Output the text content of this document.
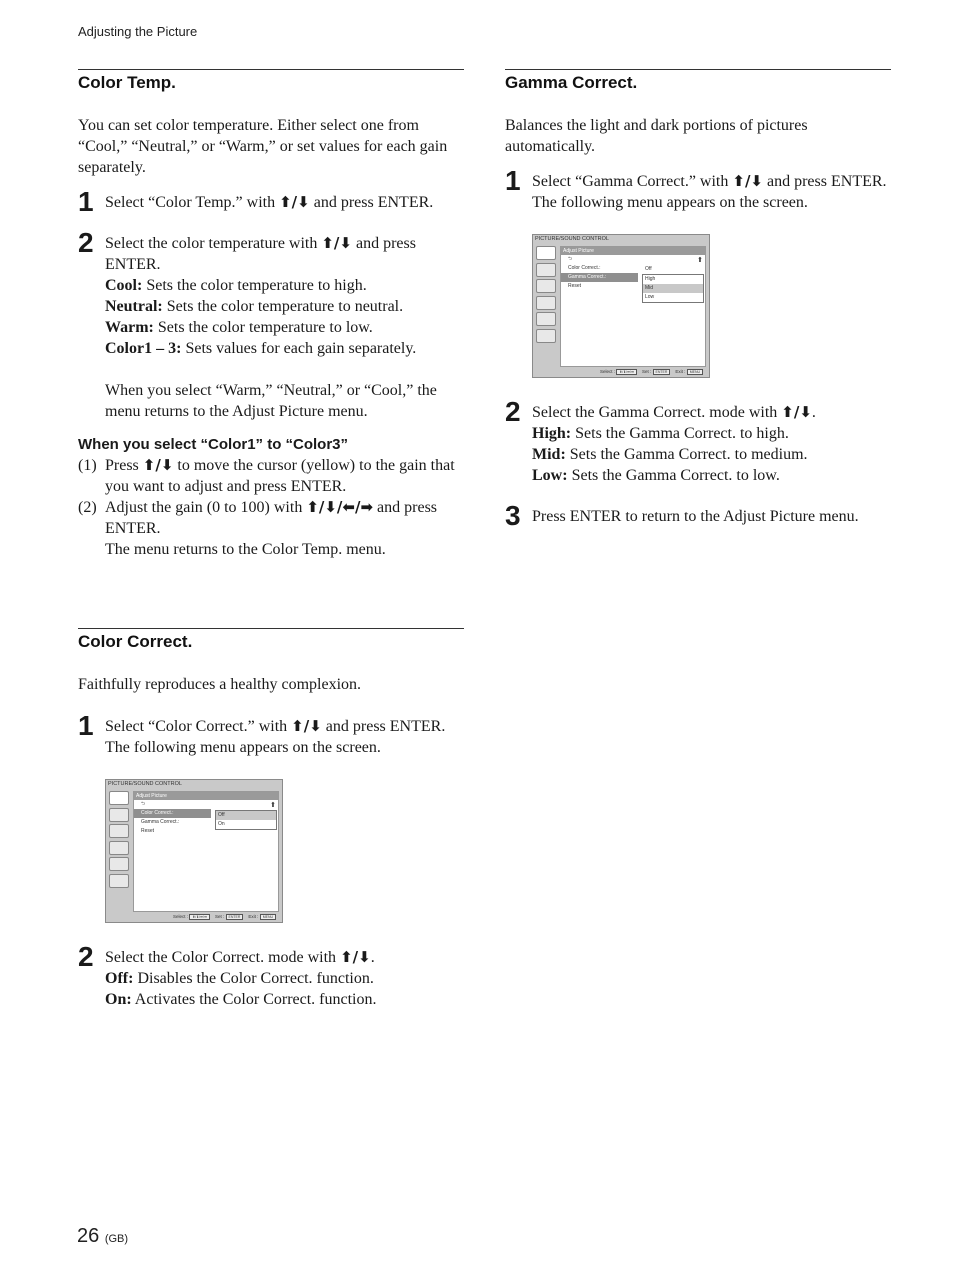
Adjusting the Picture
Color Temp.

You can set color temperature. Either select one from “Cool,” “Neutral,” or “Warm,” or set values for each gain separately.

1 Select “Color Temp.” with ⬆/⬇ and press ENTER.
2 Select the color temperature with ⬆/⬇ and press ENTER.
Cool: Sets the color temperature to high.
Neutral: Sets the color temperature to neutral.
Warm: Sets the color temperature to low.
Color1 – 3: Sets values for each gain separately.
When you select “Warm,” “Neutral,” or “Cool,” the menu returns to the Adjust Picture menu.
When you select “Color1” to “Color3”
(1) Press ⬆/⬇ to move the cursor (yellow) to the gain that you want to adjust and press ENTER.
(2) Adjust the gain (0 to 100) with ⬆/⬇/⬅/➡ and press ENTER.
The menu returns to the Color Temp. menu.
Color Correct.

Faithfully reproduces a healthy complexion.

1 Select “Color Correct.” with ⬆/⬇ and press ENTER.
The following menu appears on the screen.
PICTURE/SOUND CONTROL
Adjust Picture
⬆
⮌
Color Correct.:
Gamma Correct.:
Reset
Off
On
Select : ⬆/⬇/⬅/➡ Set : ENTER Exit : MENU
2 Select the Color Correct. mode with ⬆/⬇.
Off: Disables the Color Correct. function.
On: Activates the Color Correct. function.
Gamma Correct.

Balances the light and dark portions of pictures automatically.

1 Select “Gamma Correct.” with ⬆/⬇ and press ENTER.
The following menu appears on the screen.
PICTURE/SOUND CONTROL
Adjust Picture
⬆
⮌
Color Correct.:
Gamma Correct.:
Reset
Off
High
Mid
Low
Select : ⬆/⬇/⬅/➡ Set : ENTER Exit : MENU
2 Select the Gamma Correct. mode with ⬆/⬇.
High: Sets the Gamma Correct. to high.
Mid: Sets the Gamma Correct. to medium.
Low: Sets the Gamma Correct. to low.
3 Press ENTER to return to the Adjust Picture menu.
26 (GB)
